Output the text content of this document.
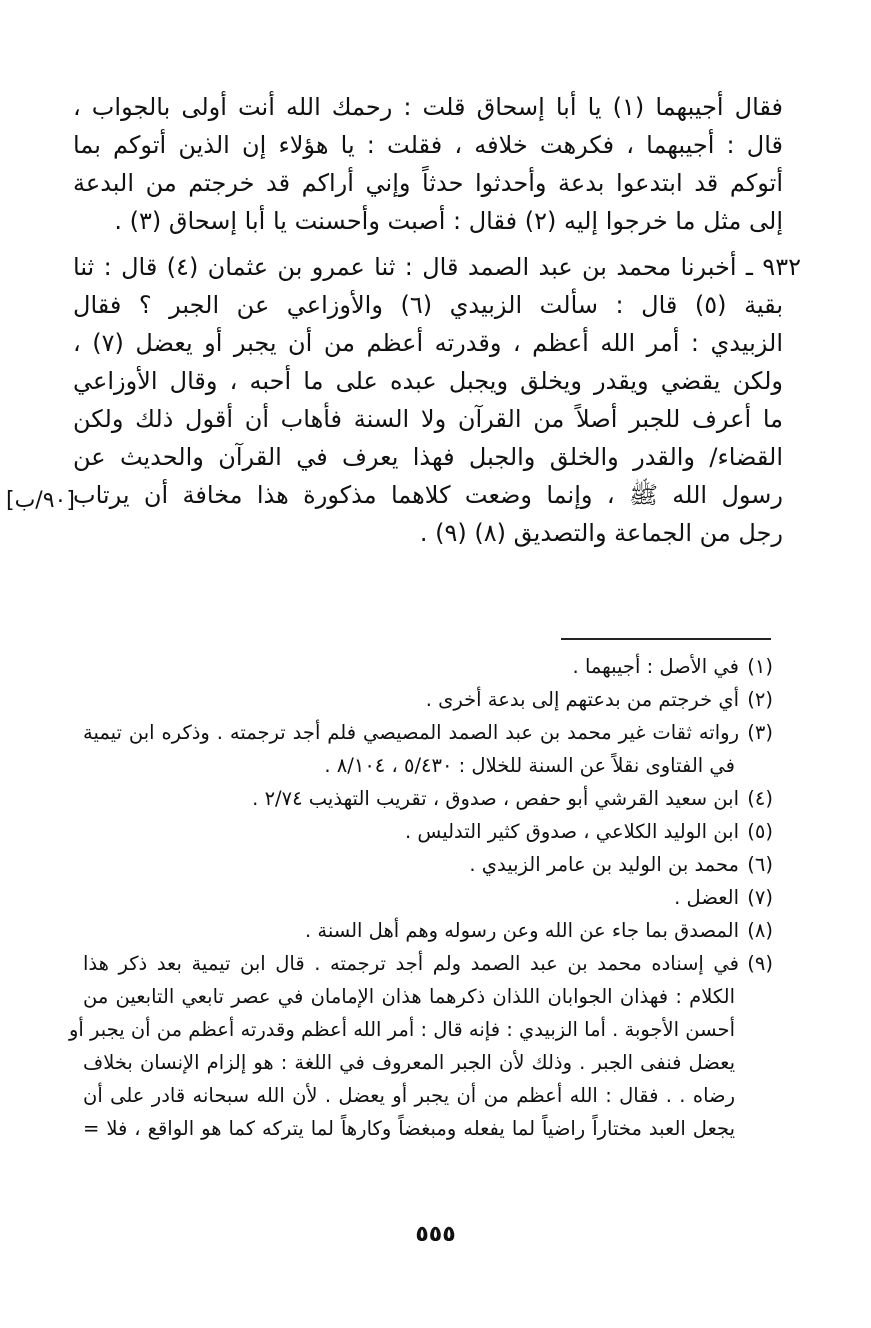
فقال أجيبهما (١) يا أبا إسحاق قلت : رحمك الله أنت أولى بالجواب ،
قال : أجيبهما ، فكرهت خلافه ، فقلت : يا هؤلاء إن الذين أتوكم بما
أتوكم قد ابتدعوا بدعة وأحدثوا حدثاً وإني أراكم قد خرجتم من البدعة
إلى مثل ما خرجوا إليه (٢) فقال : أصبت وأحسنت يا أبا إسحاق (٣) .
٩٣٢ ـ أخبرنا محمد بن عبد الصمد قال : ثنا عمرو بن عثمان (٤) قال : ثنا
بقية (٥) قال : سألت الزبيدي (٦) والأوزاعي عن الجبر ؟ فقال
الزبيدي : أمر الله أعظم ، وقدرته أعظم من أن يجبر أو يعضل (٧) ،
ولكن يقضي ويقدر ويخلق ويجبل عبده على ما أحبه ، وقال الأوزاعي
ما أعرف للجبر أصلاً من القرآن ولا السنة فأهاب أن أقول ذلك ولكن
القضاء/ والقدر والخلق والجبل فهذا يعرف في القرآن والحديث عن
رسول الله ﷺ ، وإنما وضعت كلاهما مذكورة هذا مخافة أن يرتاب
رجل من الجماعة والتصديق (٨) (٩) .
[٩٠/ب]
(١)في الأصل : أجيبهما .
(٢)أي خرجتم من بدعتهم إلى بدعة أخرى .
(٣)رواته ثقات غير محمد بن عبد الصمد المصيصي فلم أجد ترجمته . وذكره ابن تيمية
في الفتاوى نقلاً عن السنة للخلال : ٥/٤٣٠ ، ٨/١٠٤ .
(٤)ابن سعيد القرشي أبو حفص ، صدوق ، تقريب التهذيب ٢/٧٤ .
(٥)ابن الوليد الكلاعي ، صدوق كثير التدليس .
(٦)محمد بن الوليد بن عامر الزبيدي .
(٧)العضل .
(٨)المصدق بما جاء عن الله وعن رسوله وهم أهل السنة .
(٩)في إسناده محمد بن عبد الصمد ولم أجد ترجمته . قال ابن تيمية بعد ذكر هذا
الكلام : فهذان الجوابان اللذان ذكرهما هذان الإمامان في عصر تابعي التابعين من
أحسن الأجوبة . أما الزبيدي : فإنه قال : أمر الله أعظم وقدرته أعظم من أن يجبر أو
يعضل فنفى الجبر . وذلك لأن الجبر المعروف في اللغة : هو إلزام الإنسان بخلاف
رضاه . . فقال : الله أعظم من أن يجبر أو يعضل . لأن الله سبحانه قادر على أن
يجعل العبد مختاراً راضياً لما يفعله ومبغضاً وكارهاً لما يتركه كما هو الواقع ، فلا =
٥٥٥
